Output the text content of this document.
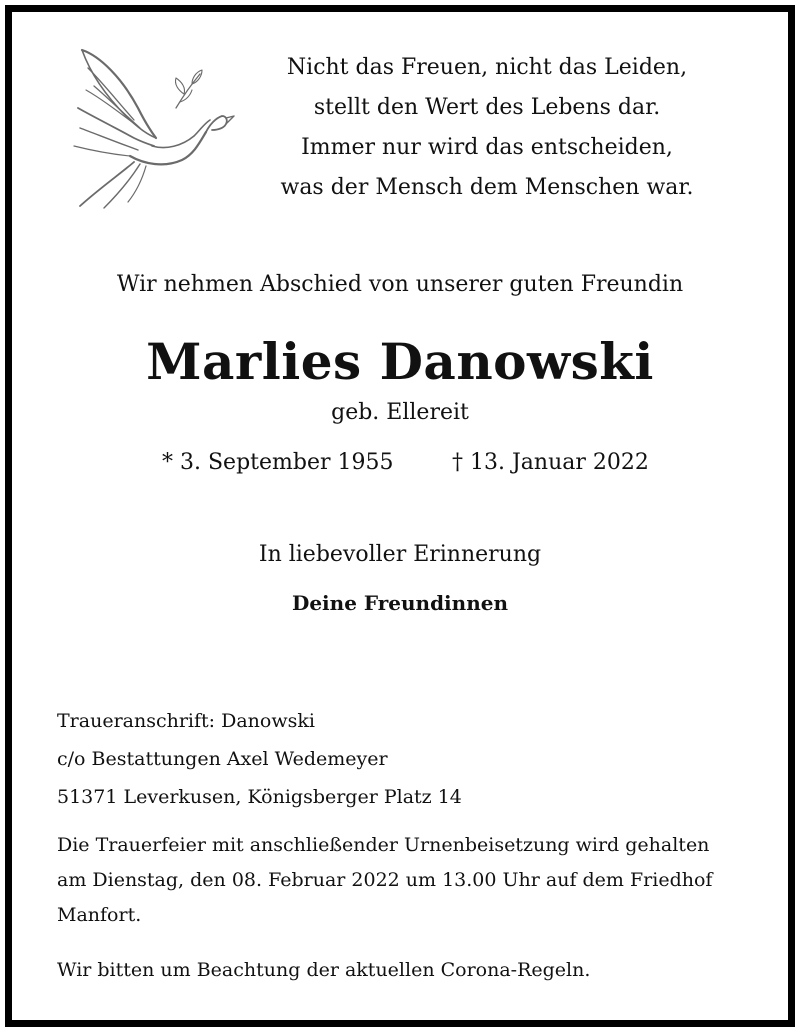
Nicht das Freuen, nicht das Leiden,
stellt den Wert des Lebens dar.
Immer nur wird das entscheiden,
was der Mensch dem Menschen war.
Wir nehmen Abschied von unserer guten Freundin
Marlies Danowski
geb. Ellereit
* 3. September 1955	† 13. Januar 2022
In liebevoller Erinnerung
Deine Freundinnen
Traueranschrift: Danowski
c/o Bestattungen Axel Wedemeyer
51371 Leverkusen, Königsberger Platz 14
Die Trauerfeier mit anschließender Urnenbeisetzung wird gehalten
am Dienstag, den 08. Februar 2022 um 13.00 Uhr auf dem Friedhof
Manfort.
Wir bitten um Beachtung der aktuellen Corona-Regeln.
